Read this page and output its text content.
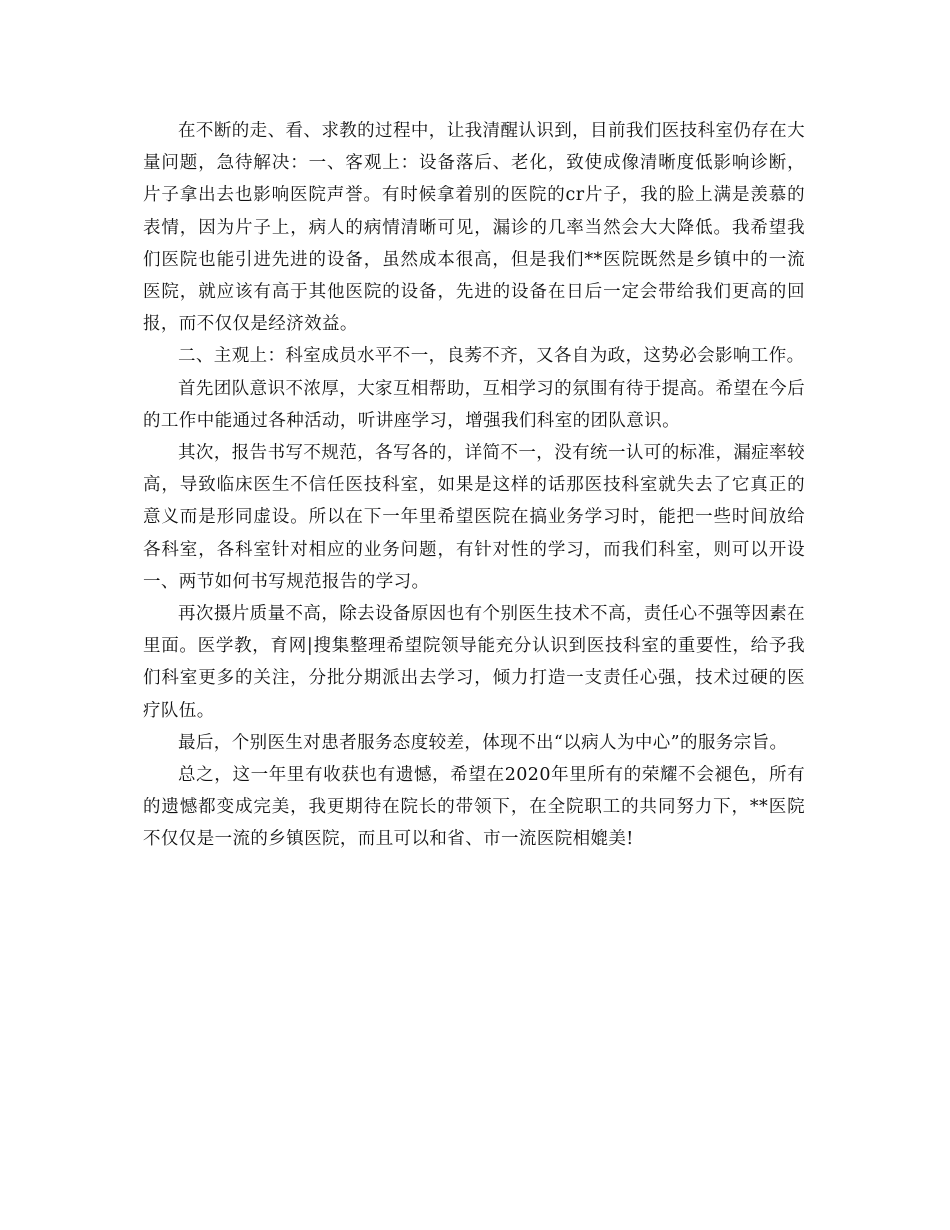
在不断的走、看、求教的过程中，让我清醒认识到，目前我们医技科室仍存在大量问题，急待解决：一、客观上：设备落后、老化，致使成像清晰度低影响诊断，片子拿出去也影响医院声誉。有时候拿着别的医院的cr片子，我的脸上满是羡慕的表情，因为片子上，病人的病情清晰可见，漏诊的几率当然会大大降低。我希望我们医院也能引进先进的设备，虽然成本很高，但是我们**医院既然是乡镇中的一流医院，就应该有高于其他医院的设备，先进的设备在日后一定会带给我们更高的回报，而不仅仅是经济效益。

二、主观上：科室成员水平不一，良莠不齐，又各自为政，这势必会影响工作。

首先团队意识不浓厚，大家互相帮助，互相学习的氛围有待于提高。希望在今后的工作中能通过各种活动，听讲座学习，增强我们科室的团队意识。

其次，报告书写不规范，各写各的，详简不一，没有统一认可的标准，漏症率较高，导致临床医生不信任医技科室，如果是这样的话那医技科室就失去了它真正的意义而是形同虚设。所以在下一年里希望医院在搞业务学习时，能把一些时间放给各科室，各科室针对相应的业务问题，有针对性的学习，而我们科室，则可以开设一、两节如何书写规范报告的学习。

再次摄片质量不高，除去设备原因也有个别医生技术不高，责任心不强等因素在里面。医学教，育网|搜集整理希望院领导能充分认识到医技科室的重要性，给予我们科室更多的关注，分批分期派出去学习，倾力打造一支责任心强，技术过硬的医疗队伍。

最后，个别医生对患者服务态度较差，体现不出“以病人为中心”的服务宗旨。

总之，这一年里有收获也有遗憾，希望在2020年里所有的荣耀不会褪色，所有的遗憾都变成完美，我更期待在院长的带领下，在全院职工的共同努力下，**医院不仅仅是一流的乡镇医院，而且可以和省、市一流医院相媲美!
